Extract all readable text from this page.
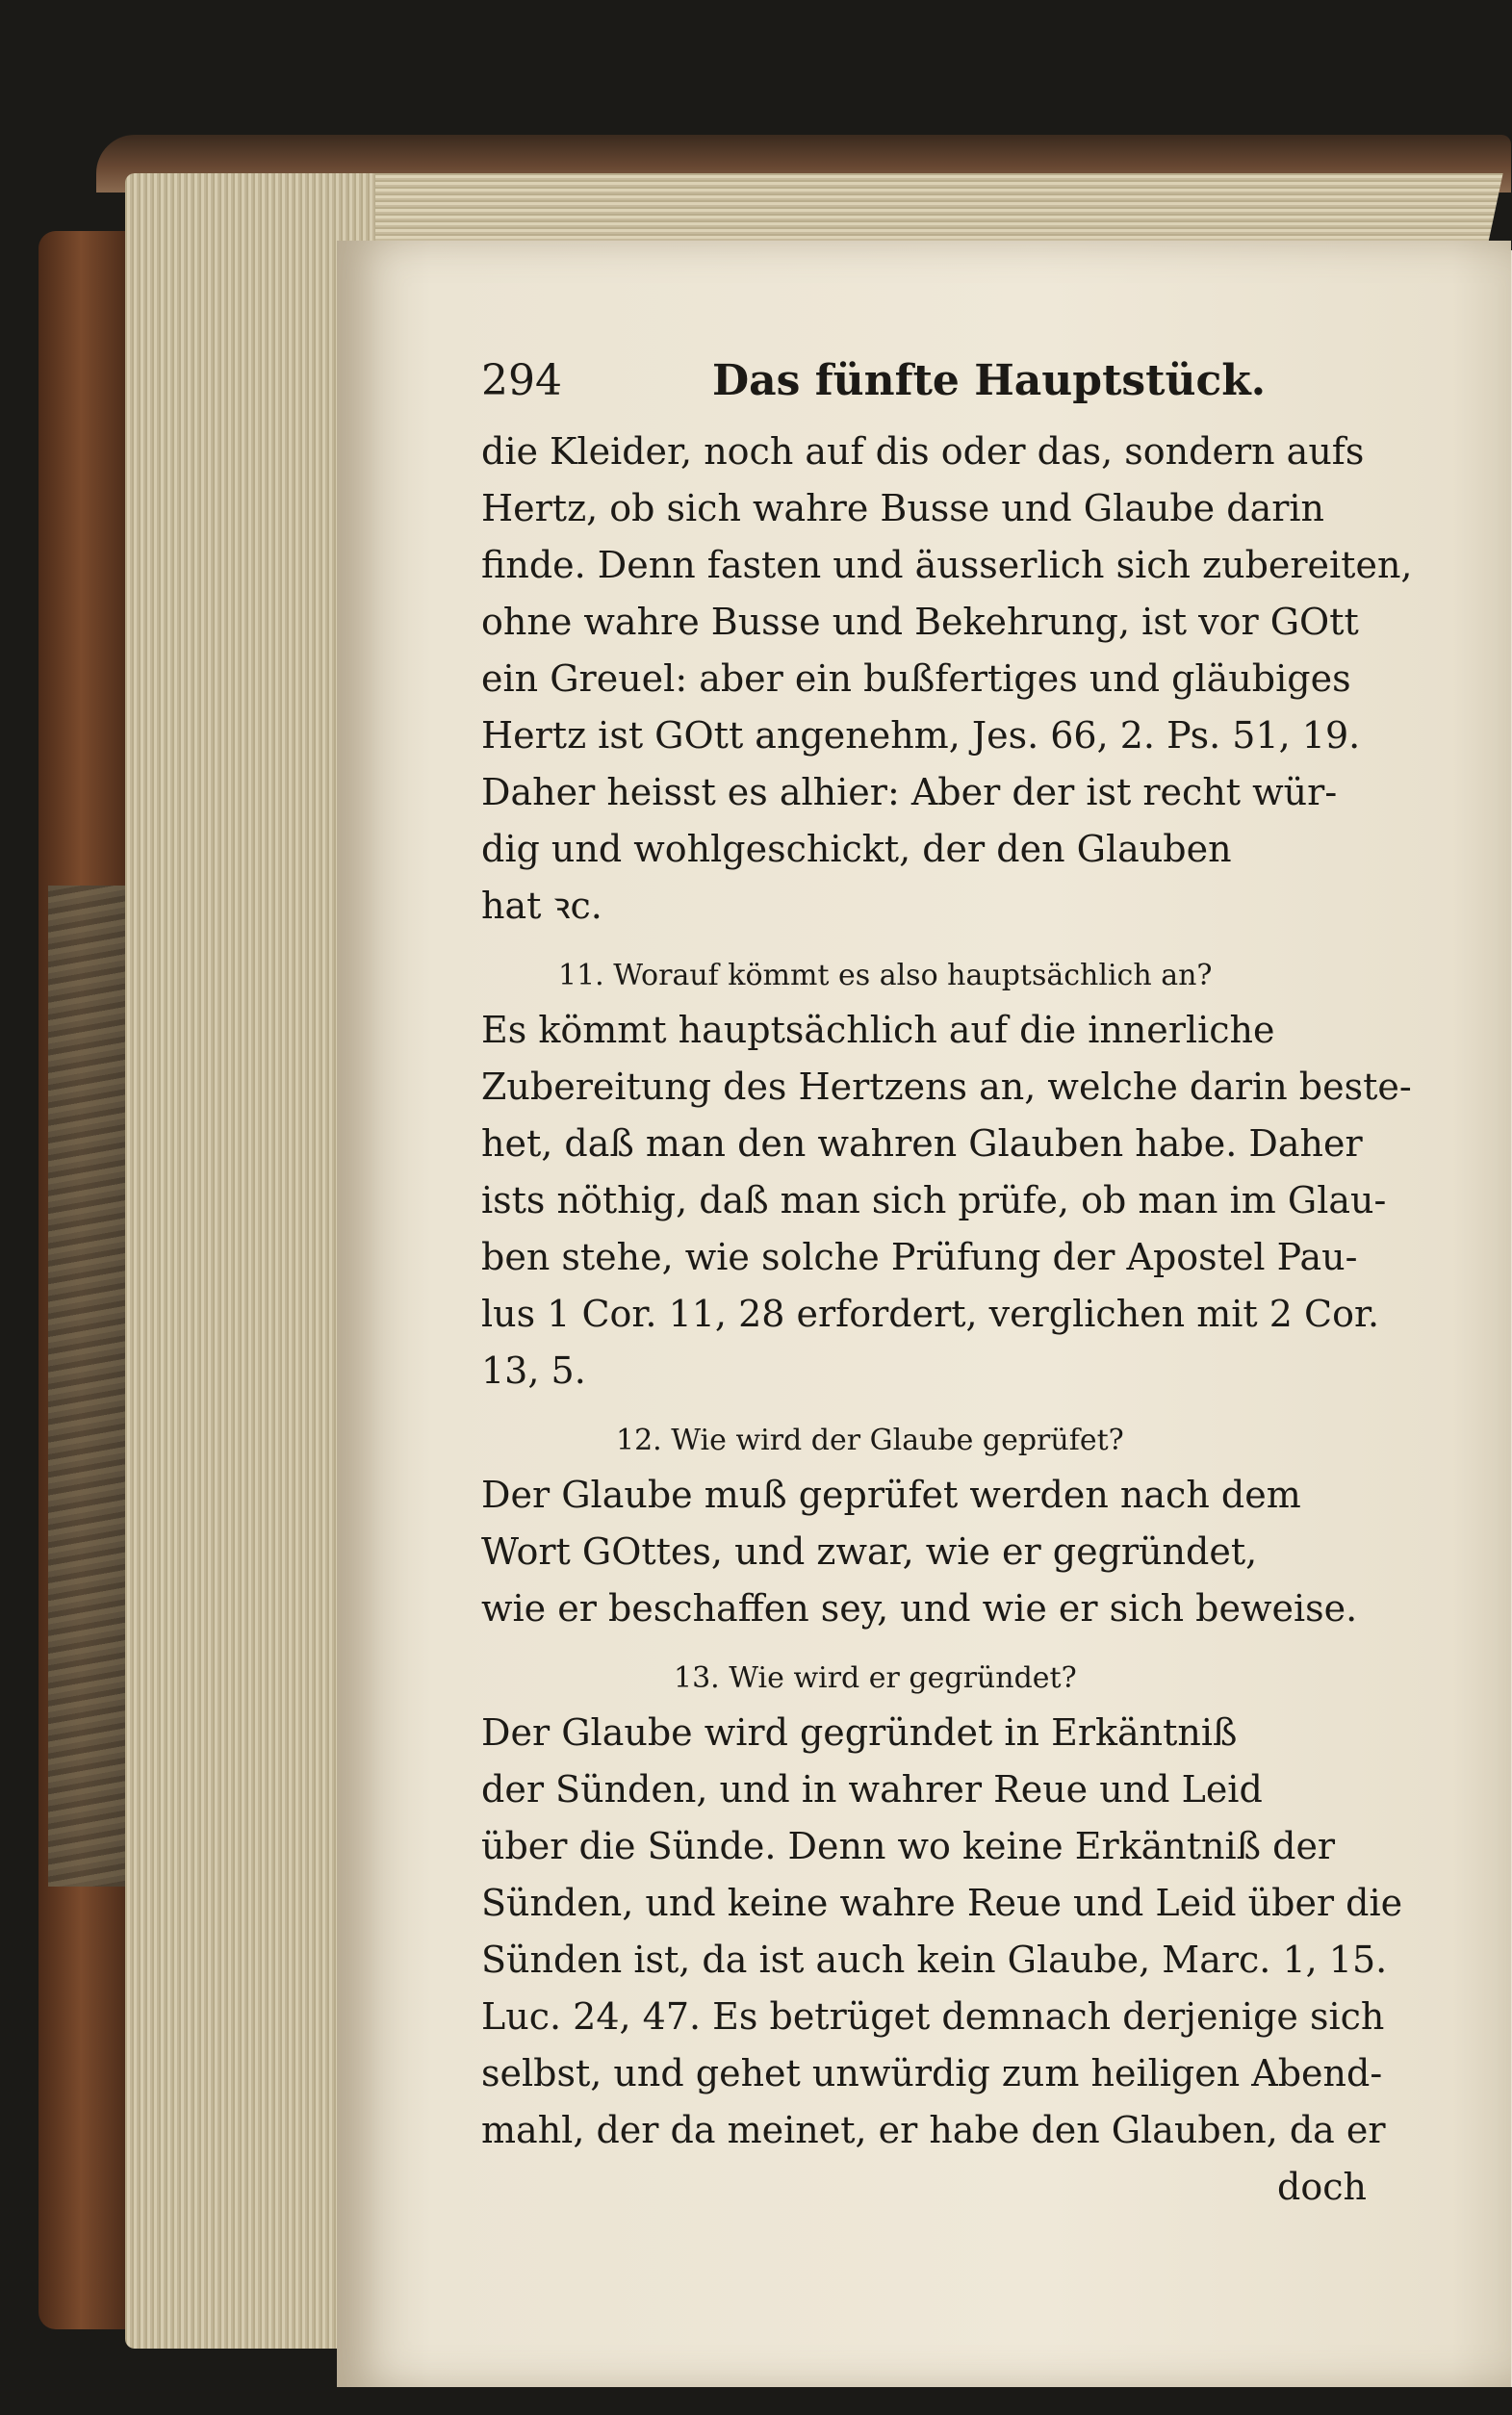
294	Das fünfte Hauptstück.

die Kleider, noch auf dis oder das, sondern aufs
Hertz, ob sich wahre Busse und Glaube darin
finde. Denn fasten und äusserlich sich zubereiten,
ohne wahre Busse und Bekehrung, ist vor GOtt
ein Greuel: aber ein bußfertiges und gläubiges
Hertz ist GOtt angenehm, Jes. 66, 2. Ps. 51, 19.
Daher heisst es alhier: Aber der ist recht wür-
dig und wohlgeschickt, der den Glauben
hat ꝛc.

11. Worauf kömmt es also hauptsächlich an?

Es kömmt hauptsächlich auf die innerliche
Zubereitung des Hertzens an, welche darin beste-
het, daß man den wahren Glauben habe. Daher
ists nöthig, daß man sich prüfe, ob man im Glau-
ben stehe, wie solche Prüfung der Apostel Pau-
lus 1 Cor. 11, 28 erfordert, verglichen mit 2 Cor.
13, 5.

12. Wie wird der Glaube geprüfet?

Der Glaube muß geprüfet werden nach dem
Wort GOttes, und zwar, wie er gegründet,
wie er beschaffen sey, und wie er sich beweise.

13. Wie wird er gegründet?

Der Glaube wird gegründet in Erkäntniß
der Sünden, und in wahrer Reue und Leid
über die Sünde. Denn wo keine Erkäntniß der
Sünden, und keine wahre Reue und Leid über die
Sünden ist, da ist auch kein Glaube, Marc. 1, 15.
Luc. 24, 47. Es betrüget demnach derjenige sich
selbst, und gehet unwürdig zum heiligen Abend-
mahl, der da meinet, er habe den Glauben, da er

doch
